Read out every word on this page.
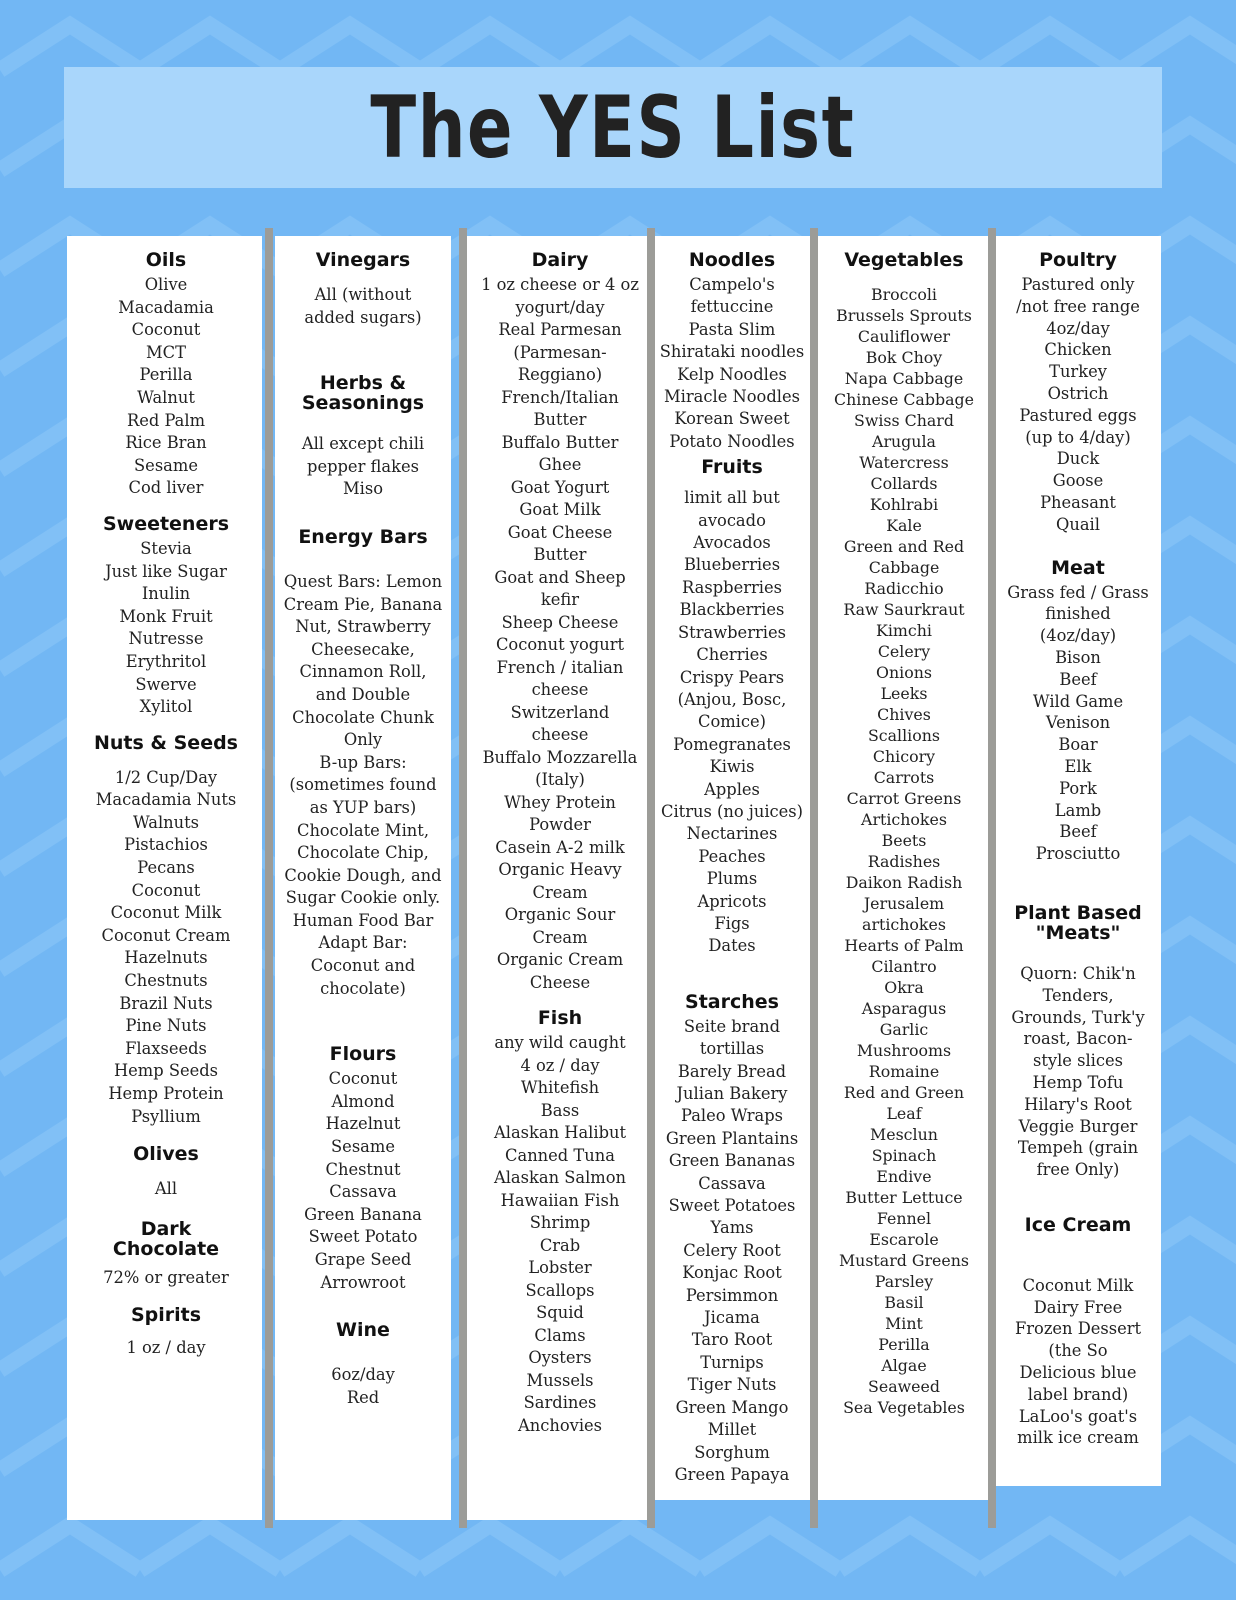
The YES List
Oils
Olive
Macadamia
Coconut
MCT
Perilla
Walnut
Red Palm
Rice Bran
Sesame
Cod liver
Sweeteners
Stevia
Just like Sugar
Inulin
Monk Fruit
Nutresse
Erythritol
Swerve
Xylitol
Nuts & Seeds
1/2 Cup/Day
Macadamia Nuts
Walnuts
Pistachios
Pecans
Coconut
Coconut Milk
Coconut Cream
Hazelnuts
Chestnuts
Brazil Nuts
Pine Nuts
Flaxseeds
Hemp Seeds
Hemp Protein
Psyllium
Olives
All
Dark
Chocolate
72% or greater
Spirits
1 oz / day
Vinegars
All (without
added sugars)
Herbs &
Seasonings
All except chili
pepper flakes
Miso
Energy Bars
Quest Bars: Lemon
Cream Pie, Banana
Nut, Strawberry
Cheesecake,
Cinnamon Roll,
and Double
Chocolate Chunk
Only
B-up Bars:
(sometimes found
as YUP bars)
Chocolate Mint,
Chocolate Chip,
Cookie Dough, and
Sugar Cookie only.
Human Food Bar
Adapt Bar:
Coconut and
chocolate)
Flours
Coconut
Almond
Hazelnut
Sesame
Chestnut
Cassava
Green Banana
Sweet Potato
Grape Seed
Arrowroot
Wine
6oz/day
Red
Dairy
1 oz cheese or 4 oz
yogurt/day
Real Parmesan
(Parmesan-
Reggiano)
French/Italian
Butter
Buffalo Butter
Ghee
Goat Yogurt
Goat Milk
Goat Cheese
Butter
Goat and Sheep
kefir
Sheep Cheese
Coconut yogurt
French / italian
cheese
Switzerland
cheese
Buffalo Mozzarella
(Italy)
Whey Protein
Powder
Casein A-2 milk
Organic Heavy
Cream
Organic Sour
Cream
Organic Cream
Cheese
Fish
any wild caught
4 oz / day
Whitefish
Bass
Alaskan Halibut
Canned Tuna
Alaskan Salmon
Hawaiian Fish
Shrimp
Crab
Lobster
Scallops
Squid
Clams
Oysters
Mussels
Sardines
Anchovies
Noodles
Campelo's
fettuccine
Pasta Slim
Shirataki noodles
Kelp Noodles
Miracle Noodles
Korean Sweet
Potato Noodles
Fruits
limit all but
avocado
Avocados
Blueberries
Raspberries
Blackberries
Strawberries
Cherries
Crispy Pears
(Anjou, Bosc,
Comice)
Pomegranates
Kiwis
Apples
Citrus (no juices)
Nectarines
Peaches
Plums
Apricots
Figs
Dates
Starches
Seite brand
tortillas
Barely Bread
Julian Bakery
Paleo Wraps
Green Plantains
Green Bananas
Cassava
Sweet Potatoes
Yams
Celery Root
Konjac Root
Persimmon
Jicama
Taro Root
Turnips
Tiger Nuts
Green Mango
Millet
Sorghum
Green Papaya
Vegetables
Broccoli
Brussels Sprouts
Cauliflower
Bok Choy
Napa Cabbage
Chinese Cabbage
Swiss Chard
Arugula
Watercress
Collards
Kohlrabi
Kale
Green and Red
Cabbage
Radicchio
Raw Saurkraut
Kimchi
Celery
Onions
Leeks
Chives
Scallions
Chicory
Carrots
Carrot Greens
Artichokes
Beets
Radishes
Daikon Radish
Jerusalem
artichokes
Hearts of Palm
Cilantro
Okra
Asparagus
Garlic
Mushrooms
Romaine
Red and Green
Leaf
Mesclun
Spinach
Endive
Butter Lettuce
Fennel
Escarole
Mustard Greens
Parsley
Basil
Mint
Perilla
Algae
Seaweed
Sea Vegetables
Poultry
Pastured only
/not free range
4oz/day
Chicken
Turkey
Ostrich
Pastured eggs
(up to 4/day)
Duck
Goose
Pheasant
Quail
Meat
Grass fed / Grass
finished
(4oz/day)
Bison
Beef
Wild Game
Venison
Boar
Elk
Pork
Lamb
Beef
Prosciutto
Plant Based
"Meats"
Quorn: Chik'n
Tenders,
Grounds, Turk'y
roast, Bacon-
style slices
Hemp Tofu
Hilary's Root
Veggie Burger
Tempeh (grain
free Only)
Ice Cream
Coconut Milk
Dairy Free
Frozen Dessert
(the So
Delicious blue
label brand)
LaLoo's goat's
milk ice cream
